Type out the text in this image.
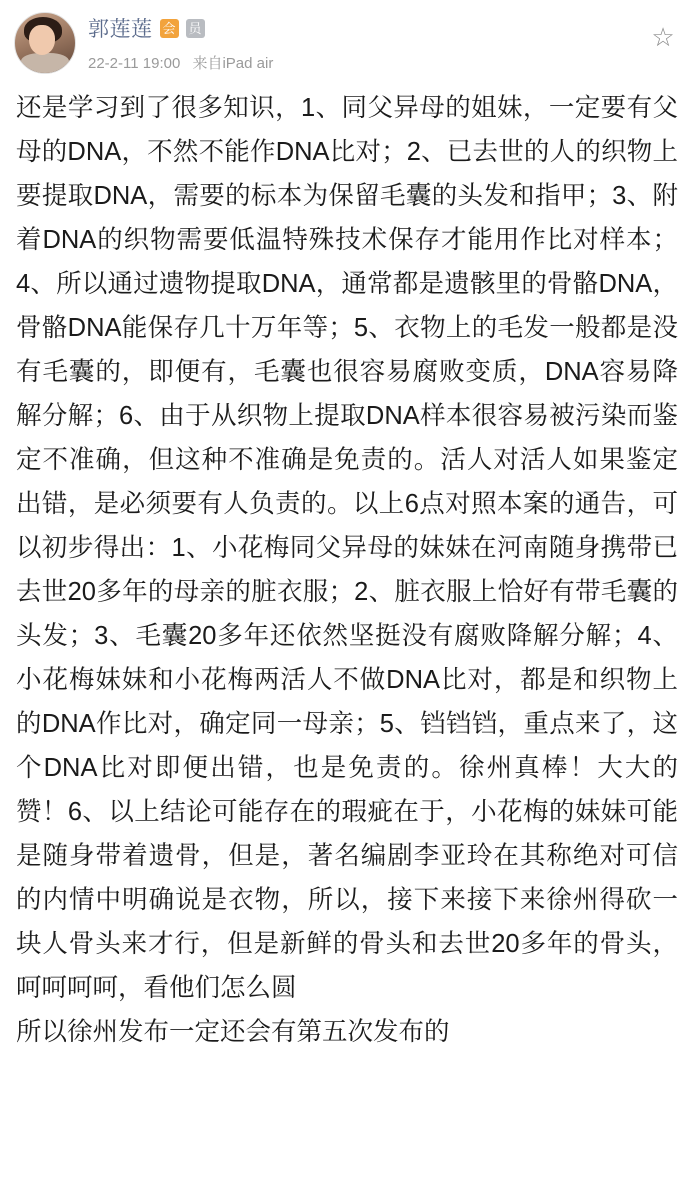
郭莲莲 会 员
22-2-11 19:00 来自iPad air
☆

还是学习到了很多知识，1、同父异母的姐妹，一定要有父母的DNA，不然不能作DNA比对；2、已去世的人的织物上要提取DNA，需要的标本为保留毛囊的头发和指甲；3、附着DNA的织物需要低温特殊技术保存才能用作比对样本；4、所以通过遗物提取DNA，通常都是遗骸里的骨骼DNA，骨骼DNA能保存几十万年等；5、衣物上的毛发一般都是没有毛囊的，即便有，毛囊也很容易腐败变质，DNA容易降解分解；6、由于从织物上提取DNA样本很容易被污染而鉴定不准确，但这种不准确是免责的。活人对活人如果鉴定出错，是必须要有人负责的。以上6点对照本案的通告，可以初步得出：1、小花梅同父异母的妹妹在河南随身携带已去世20多年的母亲的脏衣服；2、脏衣服上恰好有带毛囊的头发；3、毛囊20多年还依然坚挺没有腐败降解分解；4、小花梅妹妹和小花梅两活人不做DNA比对，都是和织物上的DNA作比对，确定同一母亲；5、铛铛铛，重点来了，这个DNA比对即便出错，也是免责的。徐州真棒！大大的赞！6、以上结论可能存在的瑕疵在于，小花梅的妹妹可能是随身带着遗骨，但是，著名编剧李亚玲在其称绝对可信的内情中明确说是衣物，所以，接下来接下来徐州得砍一块人骨头来才行，但是新鲜的骨头和去世20多年的骨头，呵呵呵呵，看他们怎么圆

所以徐州发布一定还会有第五次发布的
